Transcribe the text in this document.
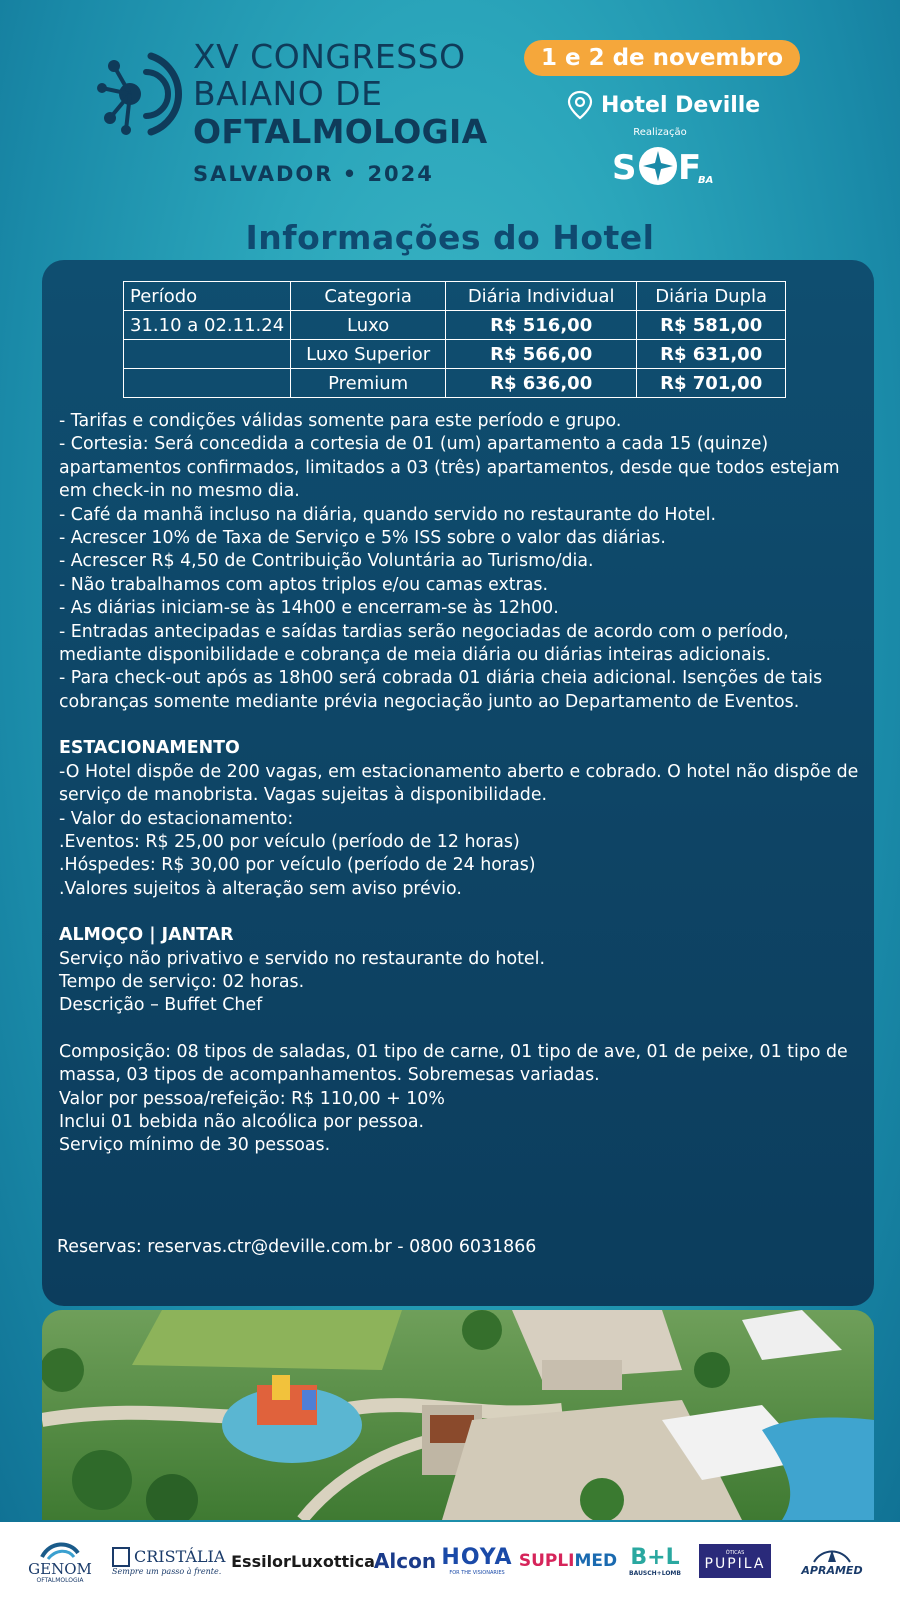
XV CONGRESSO
BAIANO DE
OFTALMOLOGIA
SALVADOR • 2024
1 e 2 de novembro
Hotel Deville
Realização
S F
BA
Informações do Hotel
Período	Categoria	Diária Individual	Diária Dupla
31.10 a 02.11.24	Luxo	R$ 516,00	R$ 581,00
	Luxo Superior	R$ 566,00	R$ 631,00
	Premium	R$ 636,00	R$ 701,00

- Tarifas e condições válidas somente para este período e grupo.

- Cortesia: Será concedida a cortesia de 01 (um) apartamento a cada 15 (quinze) apartamentos confirmados, limitados a 03 (três) apartamentos, desde que todos estejam em check-in no mesmo dia.

- Café da manhã incluso na diária, quando servido no restaurante do Hotel.

- Acrescer 10% de Taxa de Serviço e 5% ISS sobre o valor das diárias.

- Acrescer R$ 4,50 de Contribuição Voluntária ao Turismo/dia.

- Não trabalhamos com aptos triplos e/ou camas extras.

- As diárias iniciam-se às 14h00 e encerram-se às 12h00.

- Entradas antecipadas e saídas tardias serão negociadas de acordo com o período, mediante disponibilidade e cobrança de meia diária ou diárias inteiras adicionais.

- Para check-out após as 18h00 será cobrada 01 diária cheia adicional. Isenções de tais cobranças somente mediante prévia negociação junto ao Departamento de Eventos.

ESTACIONAMENTO

-O Hotel dispõe de 200 vagas, em estacionamento aberto e cobrado. O hotel não dispõe de serviço de manobrista. Vagas sujeitas à disponibilidade.

- Valor do estacionamento:

.Eventos: R$ 25,00 por veículo (período de 12 horas)

.Hóspedes: R$ 30,00 por veículo (período de 24 horas)

.Valores sujeitos à alteração sem aviso prévio.

ALMOÇO | JANTAR

Serviço não privativo e servido no restaurante do hotel.

Tempo de serviço: 02 horas.

Descrição – Buffet Chef

Composição: 08 tipos de saladas, 01 tipo de carne, 01 tipo de ave, 01 de peixe, 01 tipo de massa, 03 tipos de acompanhamentos. Sobremesas variadas.

Valor por pessoa/refeição: R$ 110,00 + 10%

Inclui 01 bebida não alcoólica por pessoa.

Serviço mínimo de 30 pessoas.

Reservas: reservas.ctr@deville.com.br - 0800 6031866
GENOM
OFTALMOLOGIA
CRISTÁLIA
Sempre um passo à frente.
EssilorLuxottica Alcon HOYA
FOR THE VISIONARIES
SUPLI MED B+L
BAUSCH+LOMB
ÓTICAS
PUPILA	APRAMED
